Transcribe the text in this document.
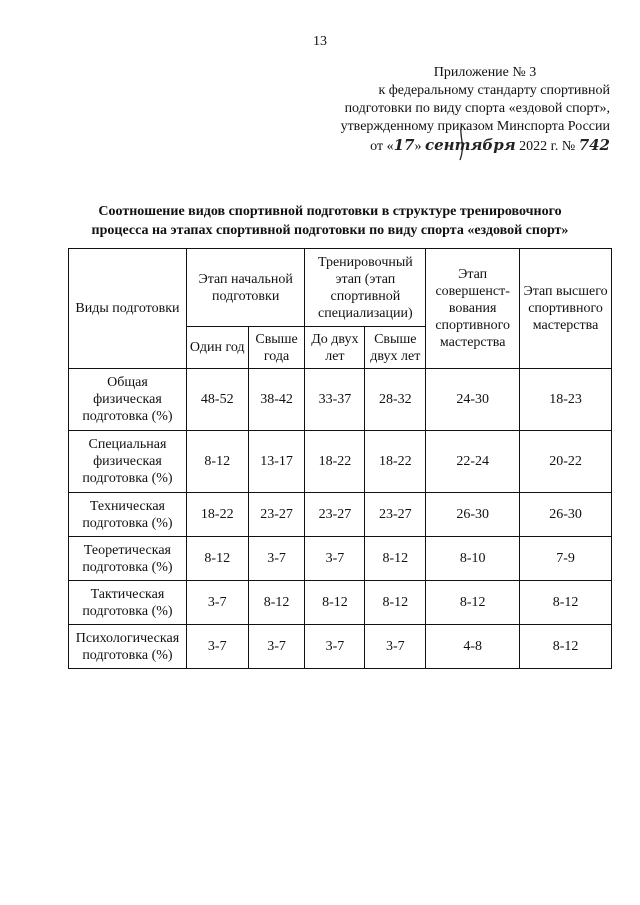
13
Приложение № 3
к федеральному стандарту спортивной
подготовки по виду спорта «ездовой спорт»,
утвержденному приказом Минспорта России
от «17» сентября 2022 г. № 742
Соотношение видов спортивной подготовки в структуре тренировочного
процесса на этапах спортивной подготовки по виду спорта «ездовой спорт»
Виды подготовки	Этап начальной подготовки		Тренировочный этап (этап спортивной специализации)		Этап совершенст-вования спортивного мастерства	Этап высшего спортивного мастерства
	Один год	Свыше года	До двух лет	Свыше двух лет		
Общая физическая подготовка (%)	48-52	38-42	33-37	28-32	24-30	18-23
Специальная физическая подготовка (%)	8-12	13-17	18-22	18-22	22-24	20-22
Техническая подготовка (%)	18-22	23-27	23-27	23-27	26-30	26-30
Теоретическая подготовка (%)	8-12	3-7	3-7	8-12	8-10	7-9
Тактическая подготовка (%)	3-7	8-12	8-12	8-12	8-12	8-12
Психологическая подготовка (%)	3-7	3-7	3-7	3-7	4-8	8-12
